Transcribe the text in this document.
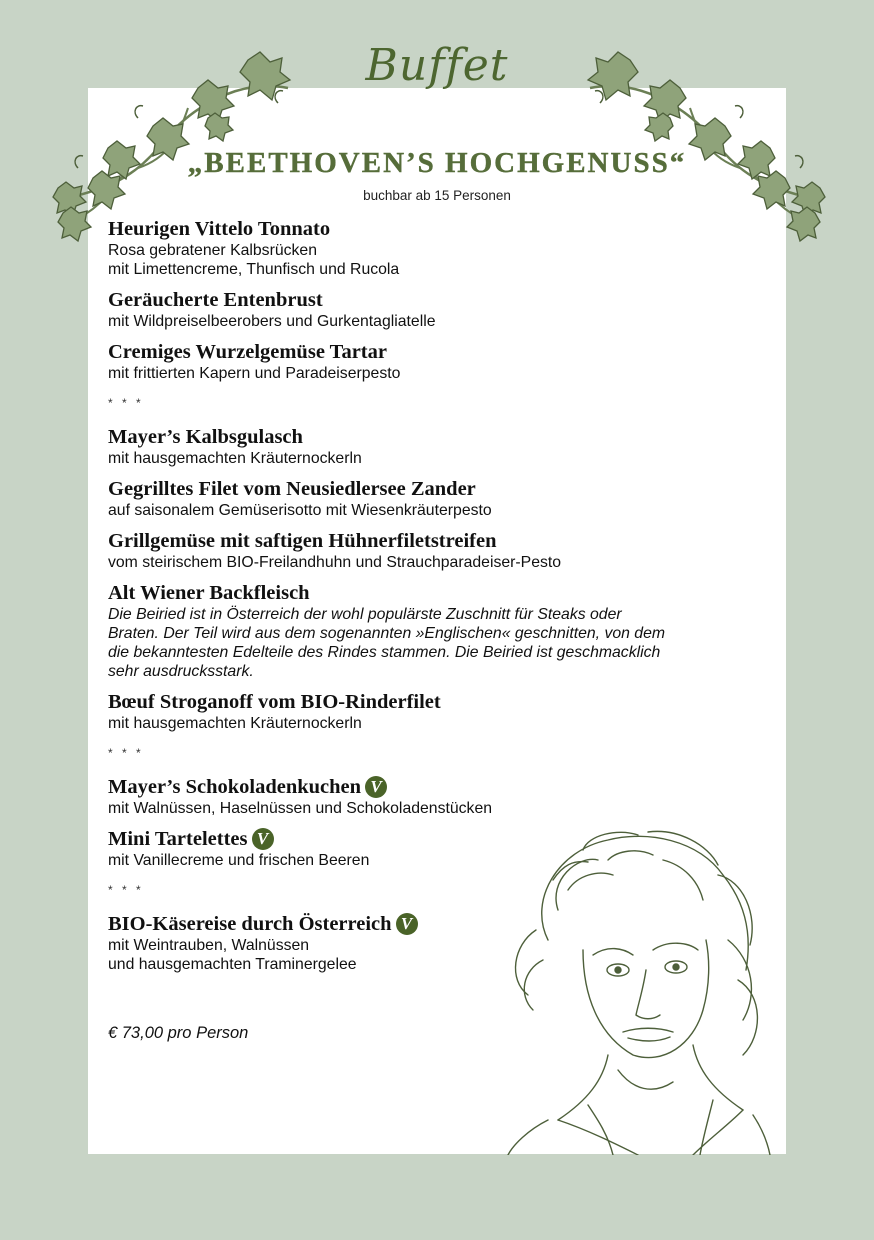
Buffet
„BEETHOVEN’S HOCHGENUSS“
buchbar ab 15 Personen
Heurigen Vittelo Tonnato
Rosa gebratener Kalbsrücken
mit Limettencreme, Thunfisch und Rucola
Geräucherte Entenbrust
mit Wildpreiselbeerobers und Gurkentagliatelle
Cremiges Wurzelgemüse Tartar
mit frittierten Kapern und Paradeiserpesto
* * *
Mayer’s Kalbsgulasch
mit hausgemachten Kräuternockerln
Gegrilltes Filet vom Neusiedlersee Zander
auf saisonalem Gemüserisotto mit Wiesenkräuterpesto
Grillgemüse mit saftigen Hühnerfiletstreifen
vom steirischem BIO-Freilandhuhn und Strauchparadeiser-Pesto
Alt Wiener Backfleisch
Die Beiried ist in Österreich der wohl populärste Zuschnitt für Steaks oder
Braten. Der Teil wird aus dem sogenannten »Englischen« geschnitten, von dem
die bekanntesten Edelteile des Rindes stammen. Die Beiried ist geschmacklich
sehr ausdrucksstark.
Bœuf Stroganoff vom BIO-Rinderfilet
mit hausgemachten Kräuternockerln
* * *
Mayer’s Schokoladenkuchen V
mit Walnüssen, Haselnüssen und Schokoladenstücken
Mini Tartelettes V
mit Vanillecreme und frischen Beeren
* * *
BIO-Käsereise durch Österreich V
mit Weintrauben, Walnüssen
und hausgemachten Traminergelee
€ 73,00 pro Person
